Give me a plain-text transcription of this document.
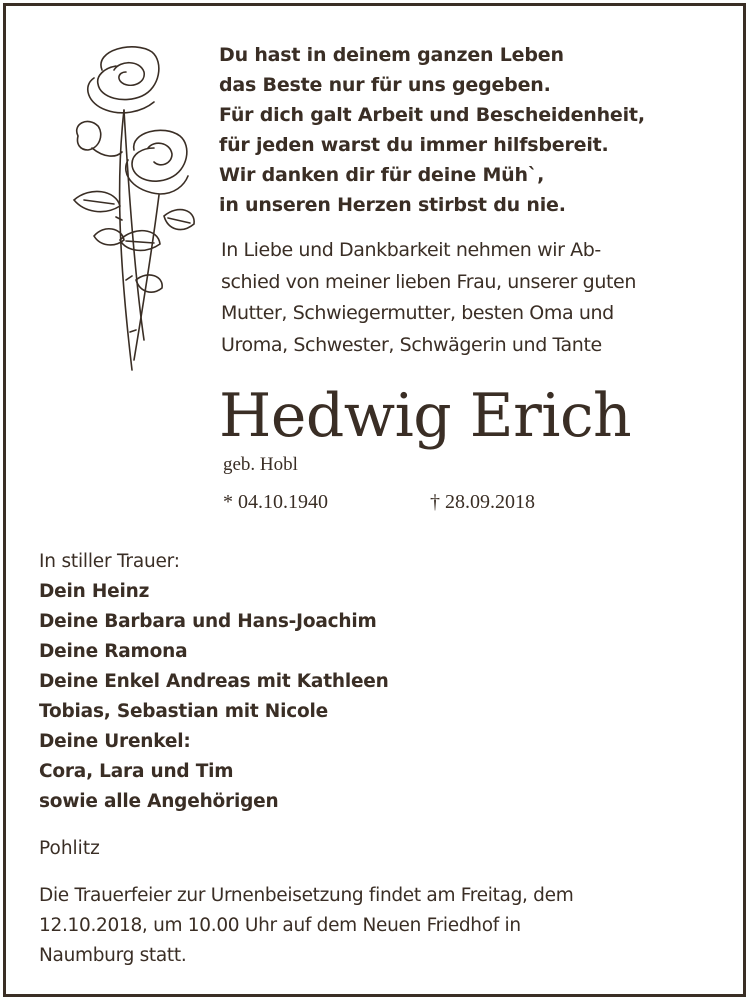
Du hast in deinem ganzen Leben
das Beste nur für uns gegeben.
Für dich galt Arbeit und Bescheidenheit,
für jeden warst du immer hilfsbereit.
Wir danken dir für deine Müh`,
in unseren Herzen stirbst du nie.
In Liebe und Dankbarkeit nehmen wir Ab-
schied von meiner lieben Frau, unserer guten
Mutter, Schwiegermutter, besten Oma und
Uroma, Schwester, Schwägerin und Tante
Hedwig Erich
geb. Hobl
* 04.10.1940	† 28.09.2018
In stiller Trauer:
Dein Heinz
Deine Barbara und Hans-Joachim
Deine Ramona
Deine Enkel Andreas mit Kathleen
Tobias, Sebastian mit Nicole
Deine Urenkel:
Cora, Lara und Tim
sowie alle Angehörigen
Pohlitz
Die Trauerfeier zur Urnenbeisetzung findet am Freitag, dem
12.10.2018, um 10.00 Uhr auf dem Neuen Friedhof in
Naumburg statt.
